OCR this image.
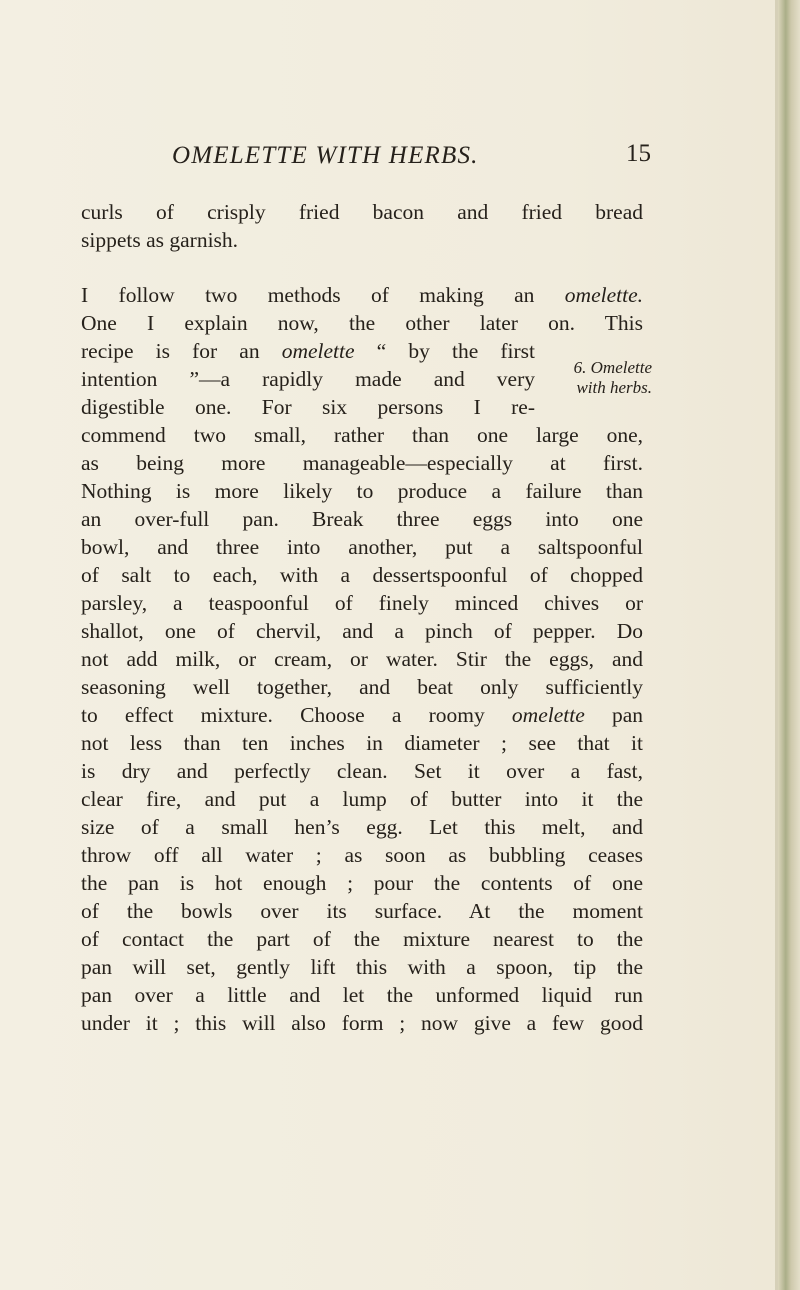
OMELETTE WITH HERBS.	15
curls of crisply fried bacon and fried bread
sippets as garnish.
I follow two methods of making an omelette.
One I explain now, the other later on. This
recipe is for an omelette “ by the first
intention ”—a rapidly made and very
digestible one. For six persons I re-
commend two small, rather than one large one,
as being more manageable—especially at first.
Nothing is more likely to produce a failure than
an over-full pan. Break three eggs into one
bowl, and three into another, put a saltspoonful
of salt to each, with a dessertspoonful of chopped
parsley, a teaspoonful of finely minced chives or
shallot, one of chervil, and a pinch of pepper. Do
not add milk, or cream, or water. Stir the eggs, and
seasoning well together, and beat only sufficiently
to effect mixture. Choose a roomy omelette pan
not less than ten inches in diameter ; see that it
is dry and perfectly clean. Set it over a fast,
clear fire, and put a lump of butter into it the
size of a small hen’s egg. Let this melt, and
throw off all water ; as soon as bubbling ceases
the pan is hot enough ; pour the contents of one
of the bowls over its surface. At the moment
of contact the part of the mixture nearest to the
pan will set, gently lift this with a spoon, tip the
pan over a little and let the unformed liquid run
under it ; this will also form ; now give a few good
6. Omelette
with herbs.
